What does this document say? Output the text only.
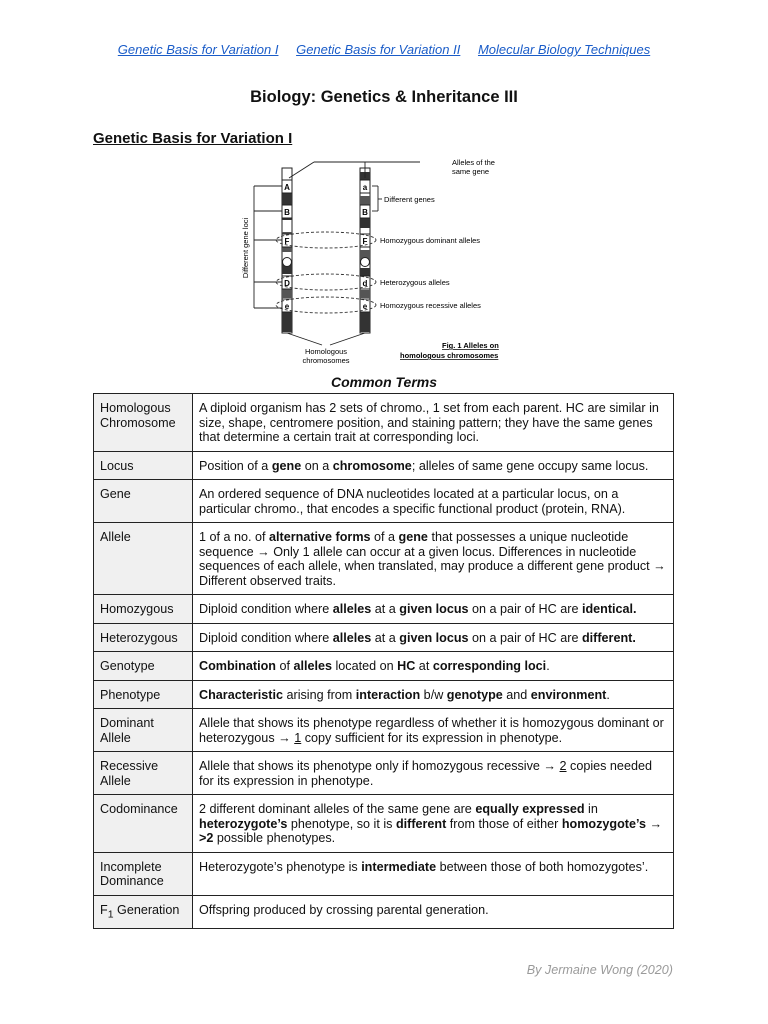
Genetic Basis for Variation I Genetic Basis for Variation II Molecular Biology Techniques
Biology: Genetics & Inheritance III
Genetic Basis for Variation I
A
B
F
D
e
a
B
F
d
e
Different gene loci
Alleles of the
same gene
Different genes
Homozygous dominant alleles
Heterozygous alleles
Homozygous recessive alleles
Homologous
chromosomes
Fig. 1 Alleles on
homologous chromosomes
Common Terms
Homologous Chromosome	A diploid organism has 2 sets of chromo., 1 set from each parent. HC are similar in size, shape, centromere position, and staining pattern; they have the same genes that determine a certain trait at corresponding loci.
Locus	Position of a gene on a chromosome; alleles of same gene occupy same locus.
Gene	An ordered sequence of DNA nucleotides located at a particular locus, on a particular chromo., that encodes a specific functional product (protein, RNA).
Allele	1 of a no. of alternative forms of a gene that possesses a unique nucleotide sequence → Only 1 allele can occur at a given locus. Differences in nucleotide sequences of each allele, when translated, may produce a different gene product → Different observed traits.
Homozygous	Diploid condition where alleles at a given locus on a pair of HC are identical.
Heterozygous	Diploid condition where alleles at a given locus on a pair of HC are different.
Genotype	Combination of alleles located on HC at corresponding loci.
Phenotype	Characteristic arising from interaction b/w genotype and environment.
Dominant Allele	Allele that shows its phenotype regardless of whether it is homozygous dominant or heterozygous → 1 copy sufficient for its expression in phenotype.
Recessive Allele	Allele that shows its phenotype only if homozygous recessive → 2 copies needed for its expression in phenotype.
Codominance	2 different dominant alleles of the same gene are equally expressed in heterozygote’s phenotype, so it is different from those of either homozygote’s → >2 possible phenotypes.
Incomplete Dominance	Heterozygote’s phenotype is intermediate between those of both homozygotes’.
$F_1$ Generation	Offspring produced by crossing parental generation.
By Jermaine Wong (2020)
